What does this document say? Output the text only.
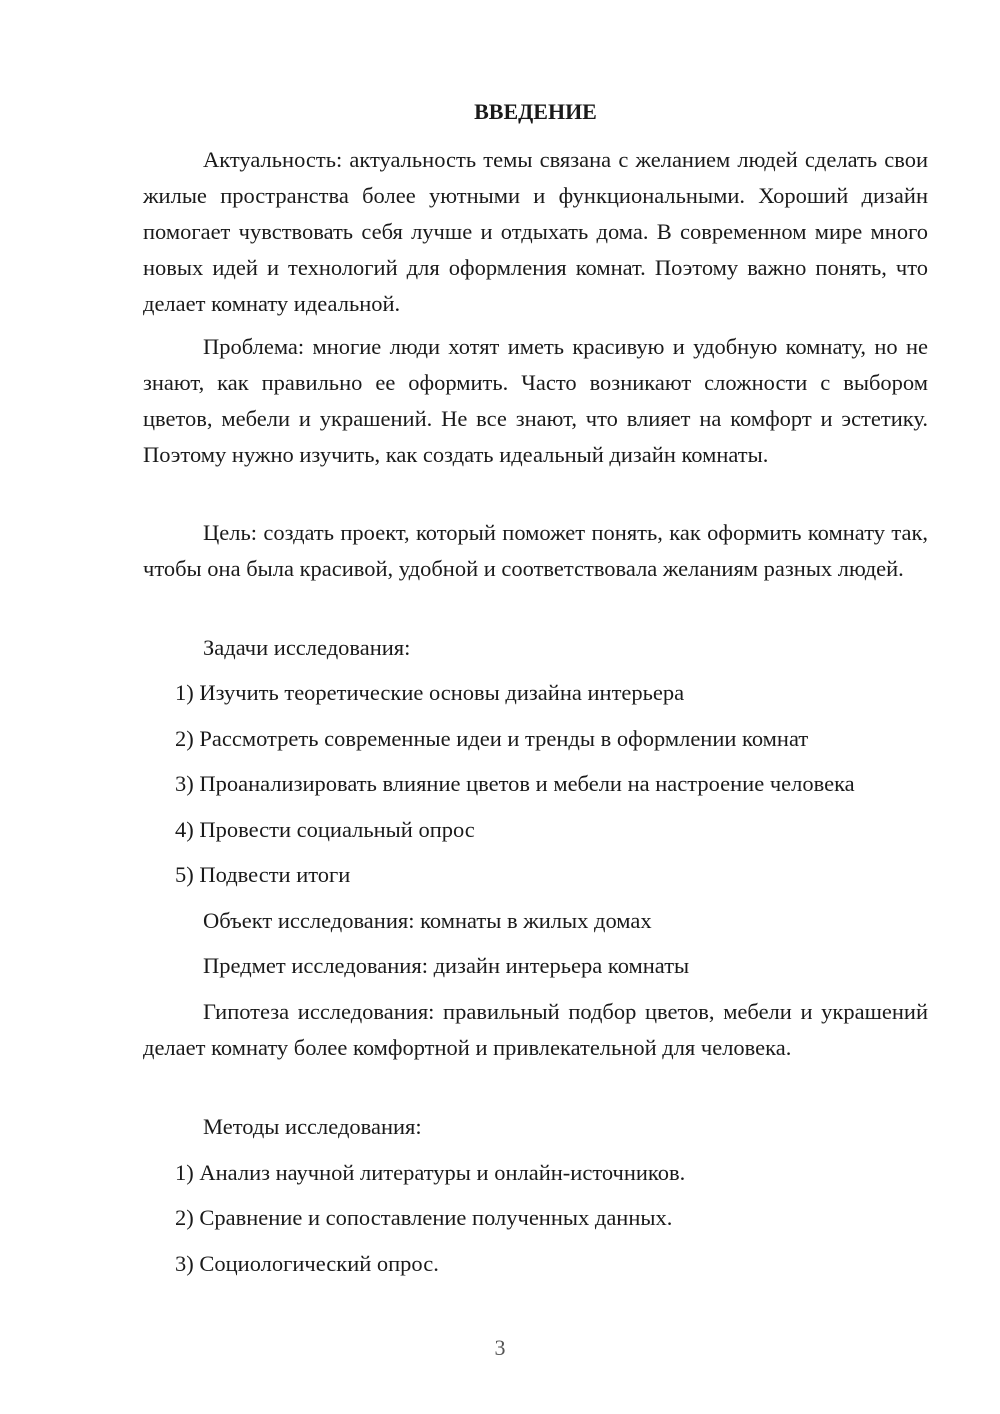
ВВЕДЕНИЕ
Актуальность: актуальность темы связана с желанием людей сделать свои жилые пространства более уютными и функциональными. Хороший дизайн помогает чувствовать себя лучше и отдыхать дома. В современном мире много новых идей и технологий для оформления комнат. Поэтому важно понять, что делает комнату идеальной.
Проблема: многие люди хотят иметь красивую и удобную комнату, но не знают, как правильно ее оформить. Часто возникают сложности с выбором цветов, мебели и украшений. Не все знают, что влияет на комфорт и эстетику. Поэтому нужно изучить, как создать идеальный дизайн комнаты.
Цель: создать проект, который поможет понять, как оформить комнату так, чтобы она была красивой, удобной и соответствовала желаниям разных людей.
Задачи исследования:
1) Изучить теоретические основы дизайна интерьера
2) Рассмотреть современные идеи и тренды в оформлении комнат
3) Проанализировать влияние цветов и мебели на настроение человека
4) Провести социальный опрос
5) Подвести итоги
Объект исследования: комнаты в жилых домах
Предмет исследования: дизайн интерьера комнаты
Гипотеза исследования: правильный подбор цветов, мебели и украшений делает комнату более комфортной и привлекательной для человека.
Методы исследования:
1) Анализ научной литературы и онлайн-источников.
2) Сравнение и сопоставление полученных данных.
3) Социологический опрос.
3
